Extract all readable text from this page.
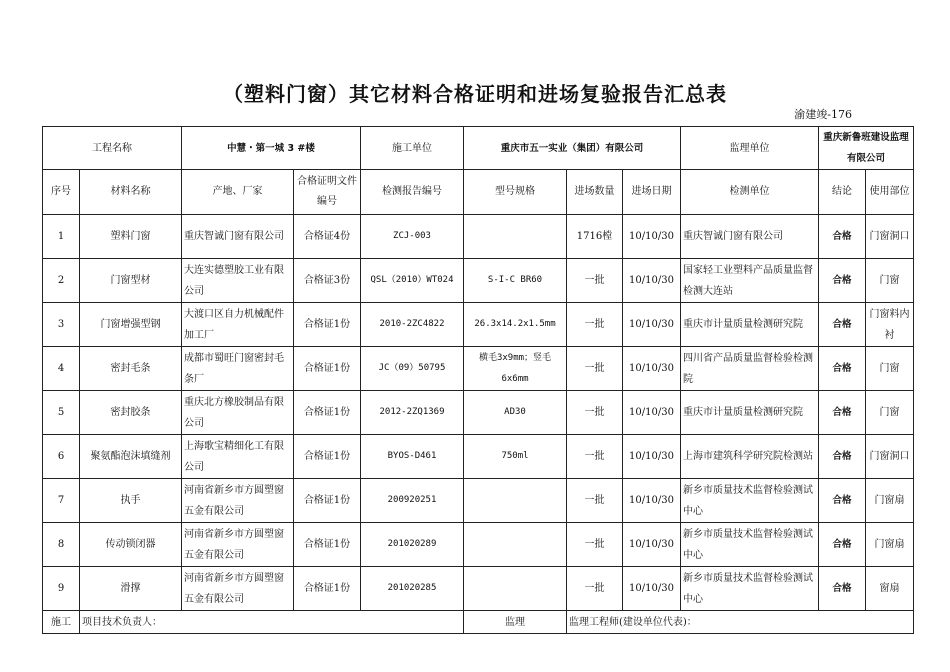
（塑料门窗）其它材料合格证明和进场复验报告汇总表
渝建竣-176
工程名称		中慧・第一城 3 #楼		施工单位	重庆市五一实业（集团）有限公司			监理单位	重庆新鲁班建设监理有限公司	
序号	材料名称	产地、厂家	合格证明文件编号	检测报告编号	型号规格	进场数量	进场日期	检测单位	结论	使用部位
1	塑料门窗	重庆智诚门窗有限公司	合格证4份	ZCJ-003		1716樘	10/10/30	重庆智诚门窗有限公司	合格	门窗洞口
2	门窗型材	大连实德塑胶工业有限公司	合格证3份	QSL（2010）WT024	S-I-C BR60	一批	10/10/30	国家轻工业塑料产品质量监督检测大连站	合格	门窗
3	门窗增强型钢	大渡口区自力机械配件加工厂	合格证1份	2010-2ZC4822	26.3x14.2x1.5mm	一批	10/10/30	重庆市计量质量检测研究院	合格	门窗料内衬
4	密封毛条	成都市蜀旺门窗密封毛条厂	合格证1份	JC（09）50795	横毛3x9mm；竖毛6x6mm	一批	10/10/30	四川省产品质量监督检验检测院	合格	门窗
5	密封胶条	重庆北方橡胶制品有限公司	合格证1份	2012-2ZQ1369	AD30	一批	10/10/30	重庆市计量质量检测研究院	合格	门窗
6	聚氨酯泡沫填缝剂	上海歌宝精细化工有限公司	合格证1份	BYOS-D461	750ml	一批	10/10/30	上海市建筑科学研究院检测站	合格	门窗洞口
7	执手	河南省新乡市方圆塑窗五金有限公司	合格证1份	200920251		一批	10/10/30	新乡市质量技术监督检验测试中心	合格	门窗扇
8	传动锁闭器	河南省新乡市方圆塑窗五金有限公司	合格证1份	201020289		一批	10/10/30	新乡市质量技术监督检验测试中心	合格	门窗扇
9	滑撑	河南省新乡市方圆塑窗五金有限公司	合格证1份	201020285		一批	10/10/30	新乡市质量技术监督检验测试中心	合格	窗扇
施工	项目技术负责人：				监理	监理工程师(建设单位代表)：				
